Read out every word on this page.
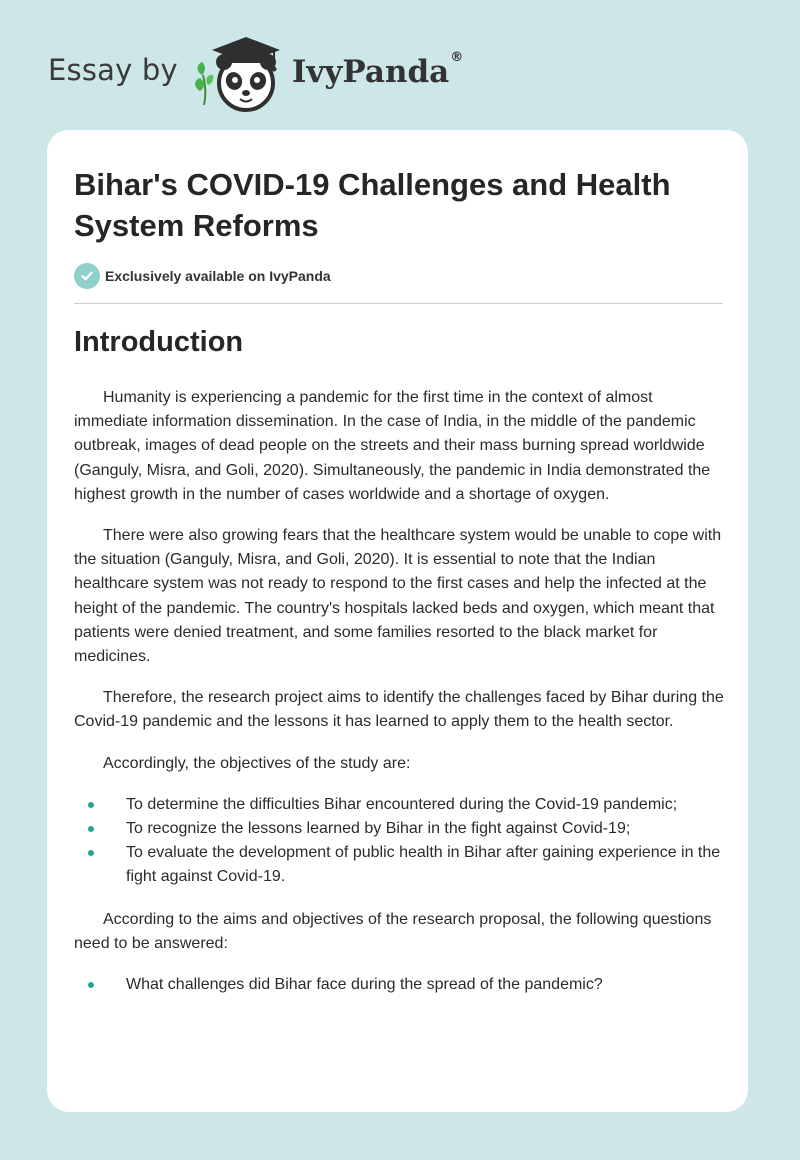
Essay by	IvyPanda®
Bihar's COVID-19 Challenges and Health System Reforms
Exclusively available on IvyPanda
Introduction

Humanity is experiencing a pandemic for the first time in the context of almost immediate information dissemination. In the case of India, in the middle of the pandemic outbreak, images of dead people on the streets and their mass burning spread worldwide (Ganguly, Misra, and Goli, 2020). Simultaneously, the pandemic in India demonstrated the highest growth in the number of cases worldwide and a shortage of oxygen.

There were also growing fears that the healthcare system would be unable to cope with the situation (Ganguly, Misra, and Goli, 2020). It is essential to note that the Indian healthcare system was not ready to respond to the first cases and help the infected at the height of the pandemic. The country's hospitals lacked beds and oxygen, which meant that patients were denied treatment, and some families resorted to the black market for medicines.

Therefore, the research project aims to identify the challenges faced by Bihar during the Covid-19 pandemic and the lessons it has learned to apply them to the health sector.

Accordingly, the objectives of the study are:

To determine the difficulties Bihar encountered during the Covid-19 pandemic;
To recognize the lessons learned by Bihar in the fight against Covid-19;
To evaluate the development of public health in Bihar after gaining experience in the fight against Covid-19.

According to the aims and objectives of the research proposal, the following questions need to be answered:

What challenges did Bihar face during the spread of the pandemic?
